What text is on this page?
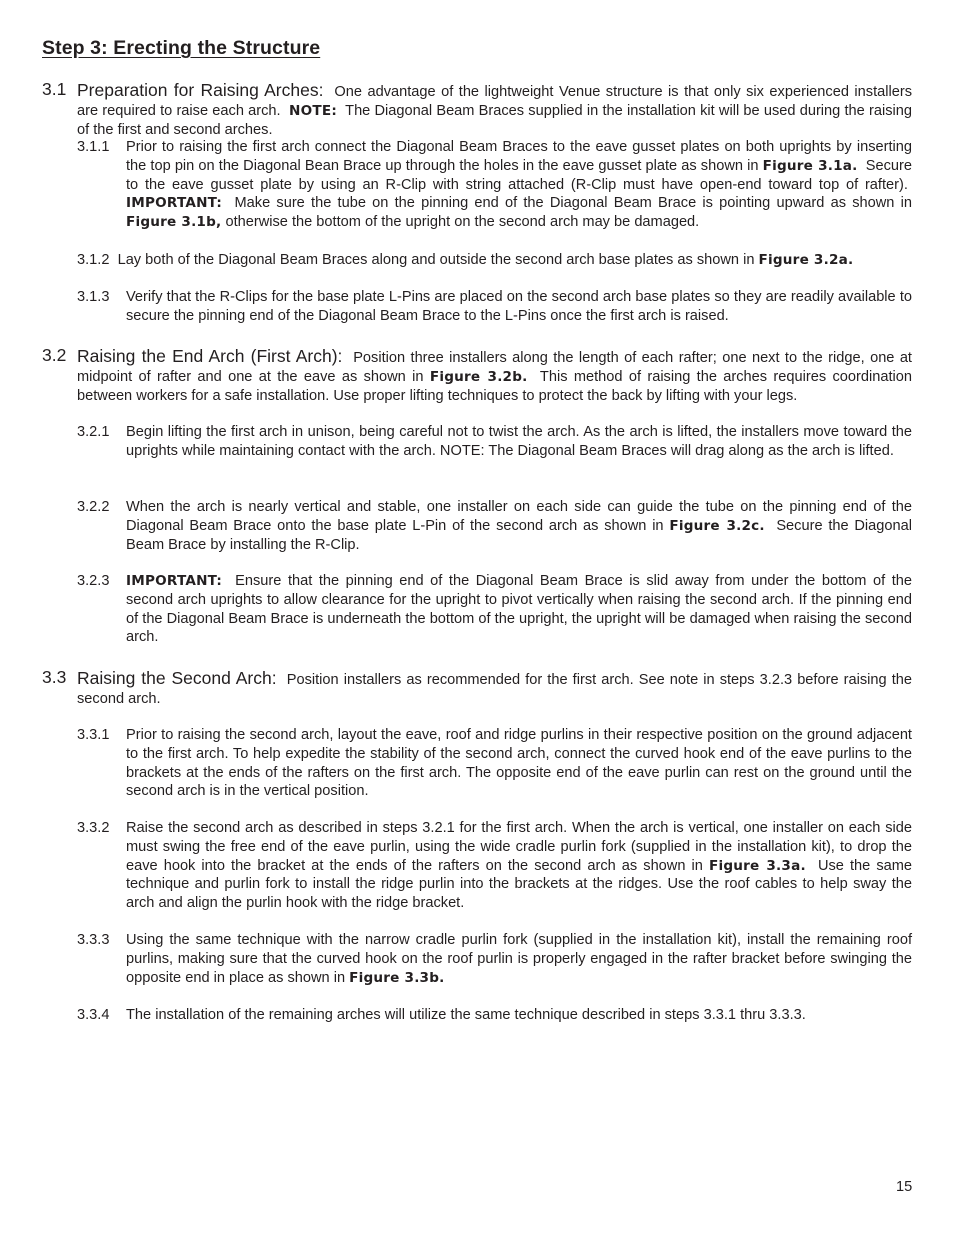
Step 3: Erecting the Structure
3.1 Preparation for Raising Arches: One advantage of the lightweight Venue structure is that only six experienced installers are required to raise each arch. NOTE: The Diagonal Beam Braces supplied in the installation kit will be used during the raising of the first and second arches.
3.1.1 Prior to raising the first arch connect the Diagonal Beam Braces to the eave gusset plates on both uprights by inserting the top pin on the Diagonal Bean Brace up through the holes in the eave gusset plate as shown in Figure 3.1a. Secure to the eave gusset plate by using an R-Clip with string attached (R-Clip must have open-end toward top of rafter).  IMPORTANT: Make sure the tube on the pinning end of the Diagonal Beam Brace is pointing upward as shown in Figure 3.1b, otherwise the bottom of the upright on the second arch may be damaged.
3.1.2 Lay both of the Diagonal Beam Braces along and outside the second arch base plates as shown in Figure 3.2a.
3.1.3 Verify that the R-Clips for the base plate L-Pins are placed on the second arch base plates so they are readily available to secure the pinning end of the Diagonal Beam Brace to the L-Pins once the first arch is raised.
3.2 Raising the End Arch (First Arch): Position three installers along the length of each rafter; one next to the ridge, one at midpoint of rafter and one at the eave as shown in Figure 3.2b. This method of raising the arches requires coordination between workers for a safe installation. Use proper lifting techniques to protect the back by lifting with your legs.
3.2.1 Begin lifting the first arch in unison, being careful not to twist the arch. As the arch is lifted, the installers move toward the uprights while maintaining contact with the arch. NOTE: The Diagonal Beam Braces will drag along as the arch is lifted.
3.2.2 When the arch is nearly vertical and stable, one installer on each side can guide the tube on the pinning end of the Diagonal Beam Brace onto the base plate L-Pin of the second arch as shown in Figure 3.2c. Secure the Diagonal Beam Brace by installing the R-Clip.
3.2.3 IMPORTANT: Ensure that the pinning end of the Diagonal Beam Brace is slid away from under the bottom of the second arch uprights to allow clearance for the upright to pivot vertically when raising the second arch. If the pinning end of the Diagonal Beam Brace is underneath the bottom of the upright, the upright will be damaged when raising the second arch.
3.3 Raising the Second Arch: Position installers as recommended for the first arch. See note in steps 3.2.3 before raising the second arch.
3.3.1 Prior to raising the second arch, layout the eave, roof and ridge purlins in their respective position on the ground adjacent to the first arch. To help expedite the stability of the second arch, connect the curved hook end of the eave purlins to the brackets at the ends of the rafters on the first arch. The opposite end of the eave purlin can rest on the ground until the second arch is in the vertical position.
3.3.2 Raise the second arch as described in steps 3.2.1 for the first arch. When the arch is vertical, one installer on each side must swing the free end of the eave purlin, using the wide cradle purlin fork (supplied in the installation kit), to drop the eave hook into the bracket at the ends of the rafters on the second arch as shown in Figure 3.3a. Use the same technique and purlin fork to install the ridge purlin into the brackets at the ridges. Use the roof cables to help sway the arch and align the purlin hook with the ridge bracket.
3.3.3 Using the same technique with the narrow cradle purlin fork (supplied in the installation kit), install the remaining roof purlins, making sure that the curved hook on the roof purlin is properly engaged in the rafter bracket before swinging the opposite end in place as shown in Figure 3.3b.
3.3.4 The installation of the remaining arches will utilize the same technique described in steps 3.3.1 thru 3.3.3.
15
